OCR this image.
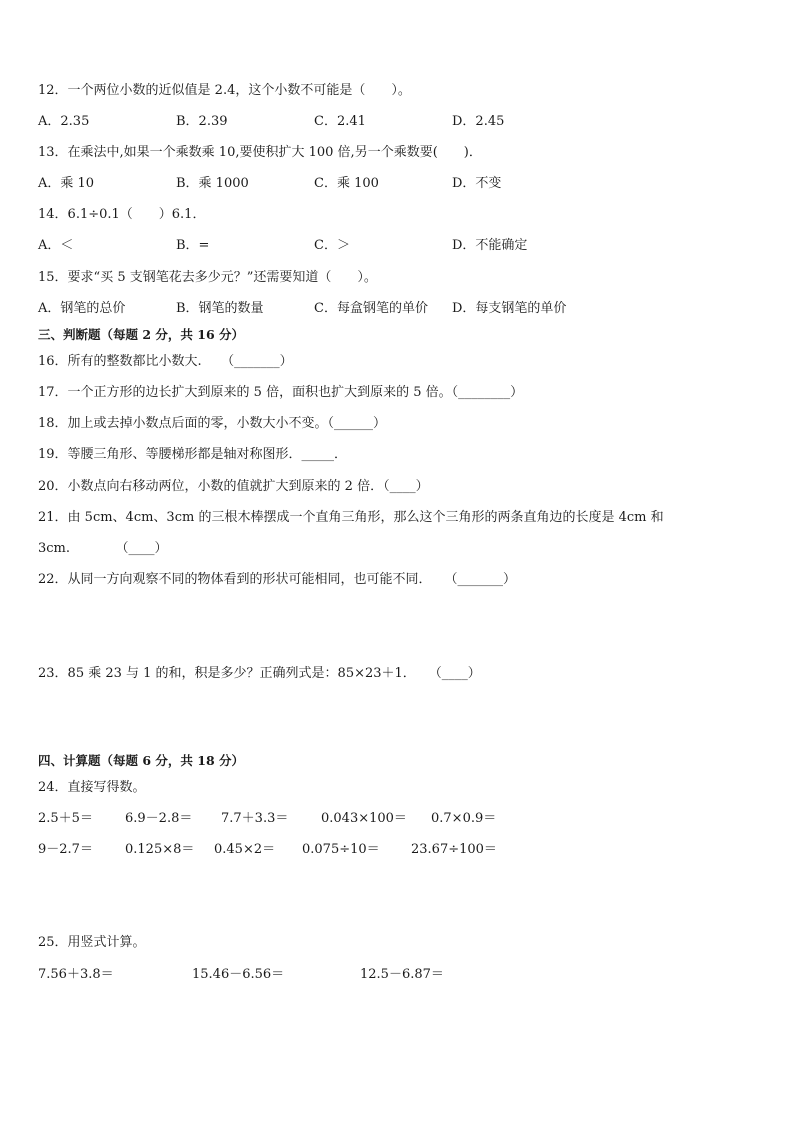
12．一个两位小数的近似值是 2.4，这个小数不可能是（　　）。
A．2.35	B．2.39	C．2.41	D．2.45
13．在乘法中,如果一个乘数乘 10,要使积扩大 100 倍,另一个乘数要(　　)．
A．乘 10	B．乘 1000	C．乘 100	D．不变
14．6.1÷0.1（　　）6.1．
A．＜	B．=	C．＞	D．不能确定
15．要求“买 5 支钢笔花去多少元？”还需要知道（　　）。
A．钢笔的总价	B．钢笔的数量	C．每盒钢笔的单价 D．每支钢笔的单价
三、判断题（每题 2 分，共 16 分）
16．所有的整数都比小数大.　　（_______）
17．一个正方形的边长扩大到原来的 5 倍，面积也扩大到原来的 5 倍。（________）
18．加上或去掉小数点后面的零，小数大小不变。（______）
19．等腰三角形、等腰梯形都是轴对称图形．_____．
20．小数点向右移动两位，小数的值就扩大到原来的 2 倍．（____）
21．由 5cm、4cm、3cm 的三根木棒摆成一个直角三角形，那么这个三角形的两条直角边的长度是 4cm 和
3cm.　　　　（____）
22．从同一方向观察不同的物体看到的形状可能相同，也可能不同．　　（_______）
23．85 乘 23 与 1 的和，积是多少？正确列式是：85×23＋1．　　（____）
四、计算题（每题 6 分，共 18 分）
24．直接写得数。
2.5＋5＝ 6.9－2.8＝ 7.7＋3.3＝	0.043×100＝ 0.7×0.9＝
9－2.7＝ 0.125×8＝ 0.45×2＝ 0.075÷10＝ 23.67÷100＝
25．用竖式计算。
7.56＋3.8＝	15.46－6.56＝	12.5－6.87＝
